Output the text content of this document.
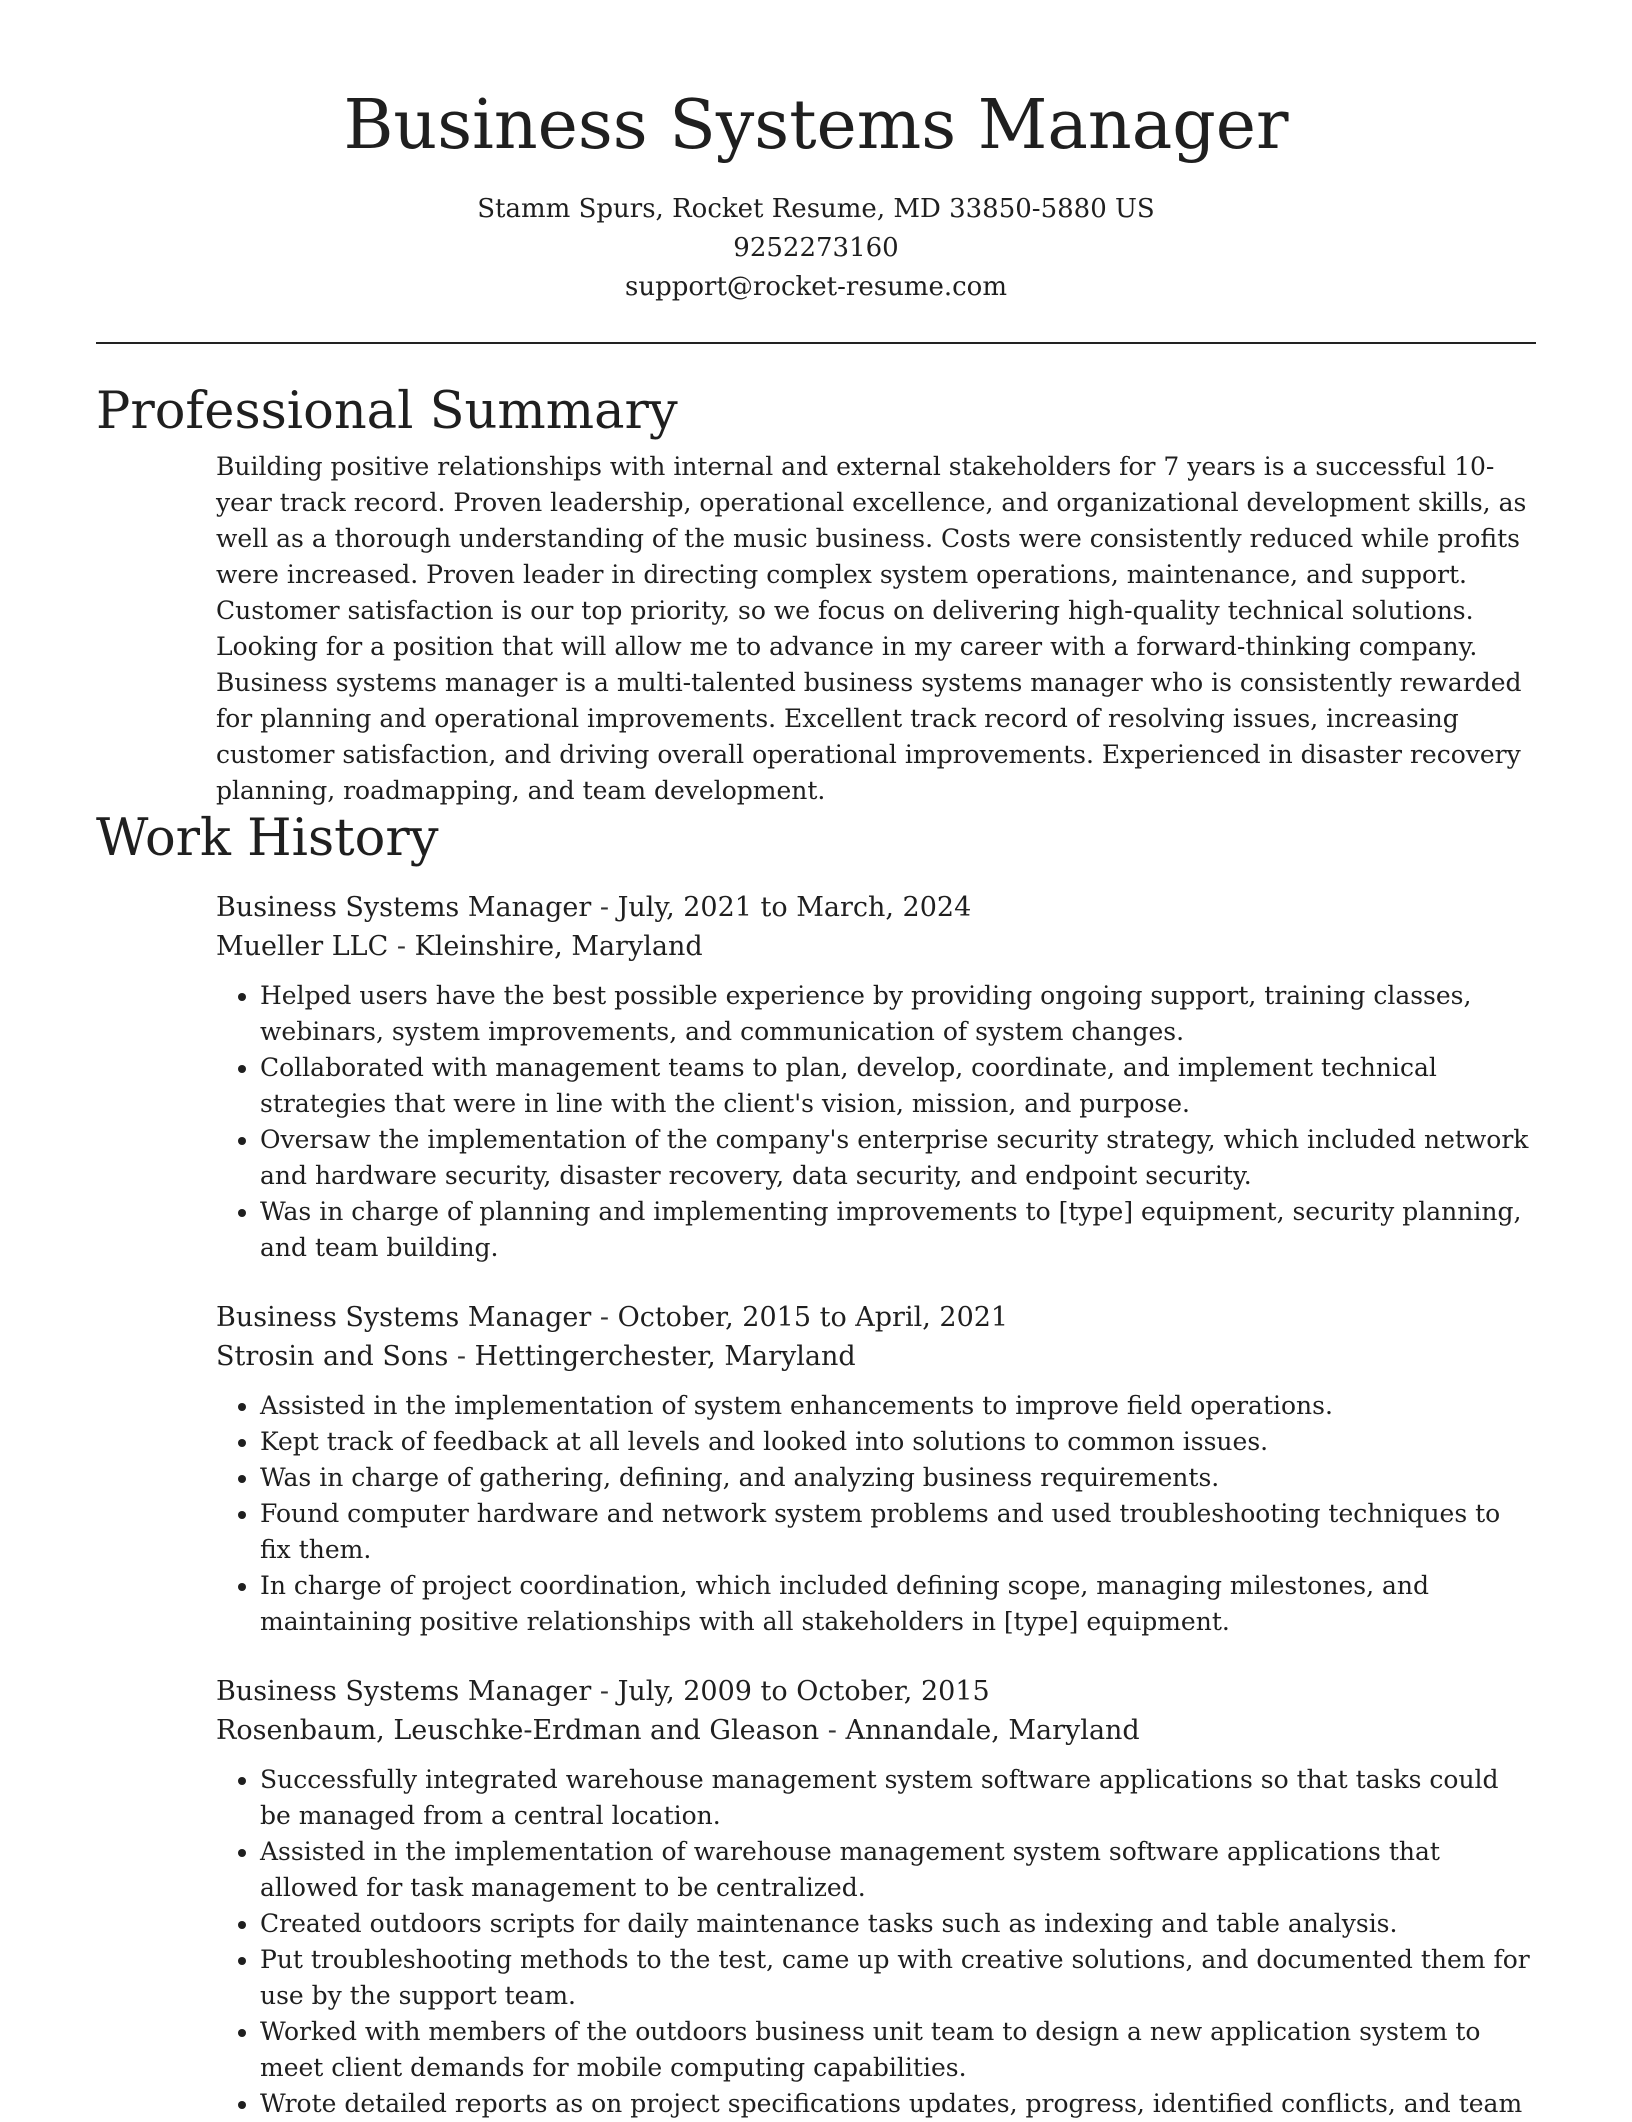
Business Systems Manager
Stamm Spurs, Rocket Resume, MD 33850-5880 US
9252273160
support@rocket-resume.com
Professional Summary

Building positive relationships with internal and external stakeholders for 7 years is a successful 10-year track record. Proven leadership, operational excellence, and organizational development skills, as well as a thorough understanding of the music business. Costs were consistently reduced while profits were increased. Proven leader in directing complex system operations, maintenance, and support. Customer satisfaction is our top priority, so we focus on delivering high-quality technical solutions. Looking for a position that will allow me to advance in my career with a forward-thinking company. Business systems manager is a multi-talented business systems manager who is consistently rewarded for planning and operational improvements. Excellent track record of resolving issues, increasing customer satisfaction, and driving overall operational improvements. Experienced in disaster recovery planning, roadmapping, and team development.

Work History
Business Systems Manager - July, 2021 to March, 2024
Mueller LLC - Kleinshire, Maryland
• Helped users have the best possible experience by providing ongoing support, training classes, webinars, system improvements, and communication of system changes.
• Collaborated with management teams to plan, develop, coordinate, and implement technical strategies that were in line with the client's vision, mission, and purpose.
• Oversaw the implementation of the company's enterprise security strategy, which included network and hardware security, disaster recovery, data security, and endpoint security.
• Was in charge of planning and implementing improvements to [type] equipment, security planning, and team building.
Business Systems Manager - October, 2015 to April, 2021
Strosin and Sons - Hettingerchester, Maryland
• Assisted in the implementation of system enhancements to improve field operations.
• Kept track of feedback at all levels and looked into solutions to common issues.
• Was in charge of gathering, defining, and analyzing business requirements.
• Found computer hardware and network system problems and used troubleshooting techniques to fix them.
• In charge of project coordination, which included defining scope, managing milestones, and maintaining positive relationships with all stakeholders in [type] equipment.
Business Systems Manager - July, 2009 to October, 2015
Rosenbaum, Leuschke-Erdman and Gleason - Annandale, Maryland
• Successfully integrated warehouse management system software applications so that tasks could be managed from a central location.
• Assisted in the implementation of warehouse management system software applications that allowed for task management to be centralized.
• Created outdoors scripts for daily maintenance tasks such as indexing and table analysis.
• Put troubleshooting methods to the test, came up with creative solutions, and documented them for use by the support team.
• Worked with members of the outdoors business unit team to design a new application system to meet client demands for mobile computing capabilities.
• Wrote detailed reports as on project specifications updates, progress, identified conflicts, and team
